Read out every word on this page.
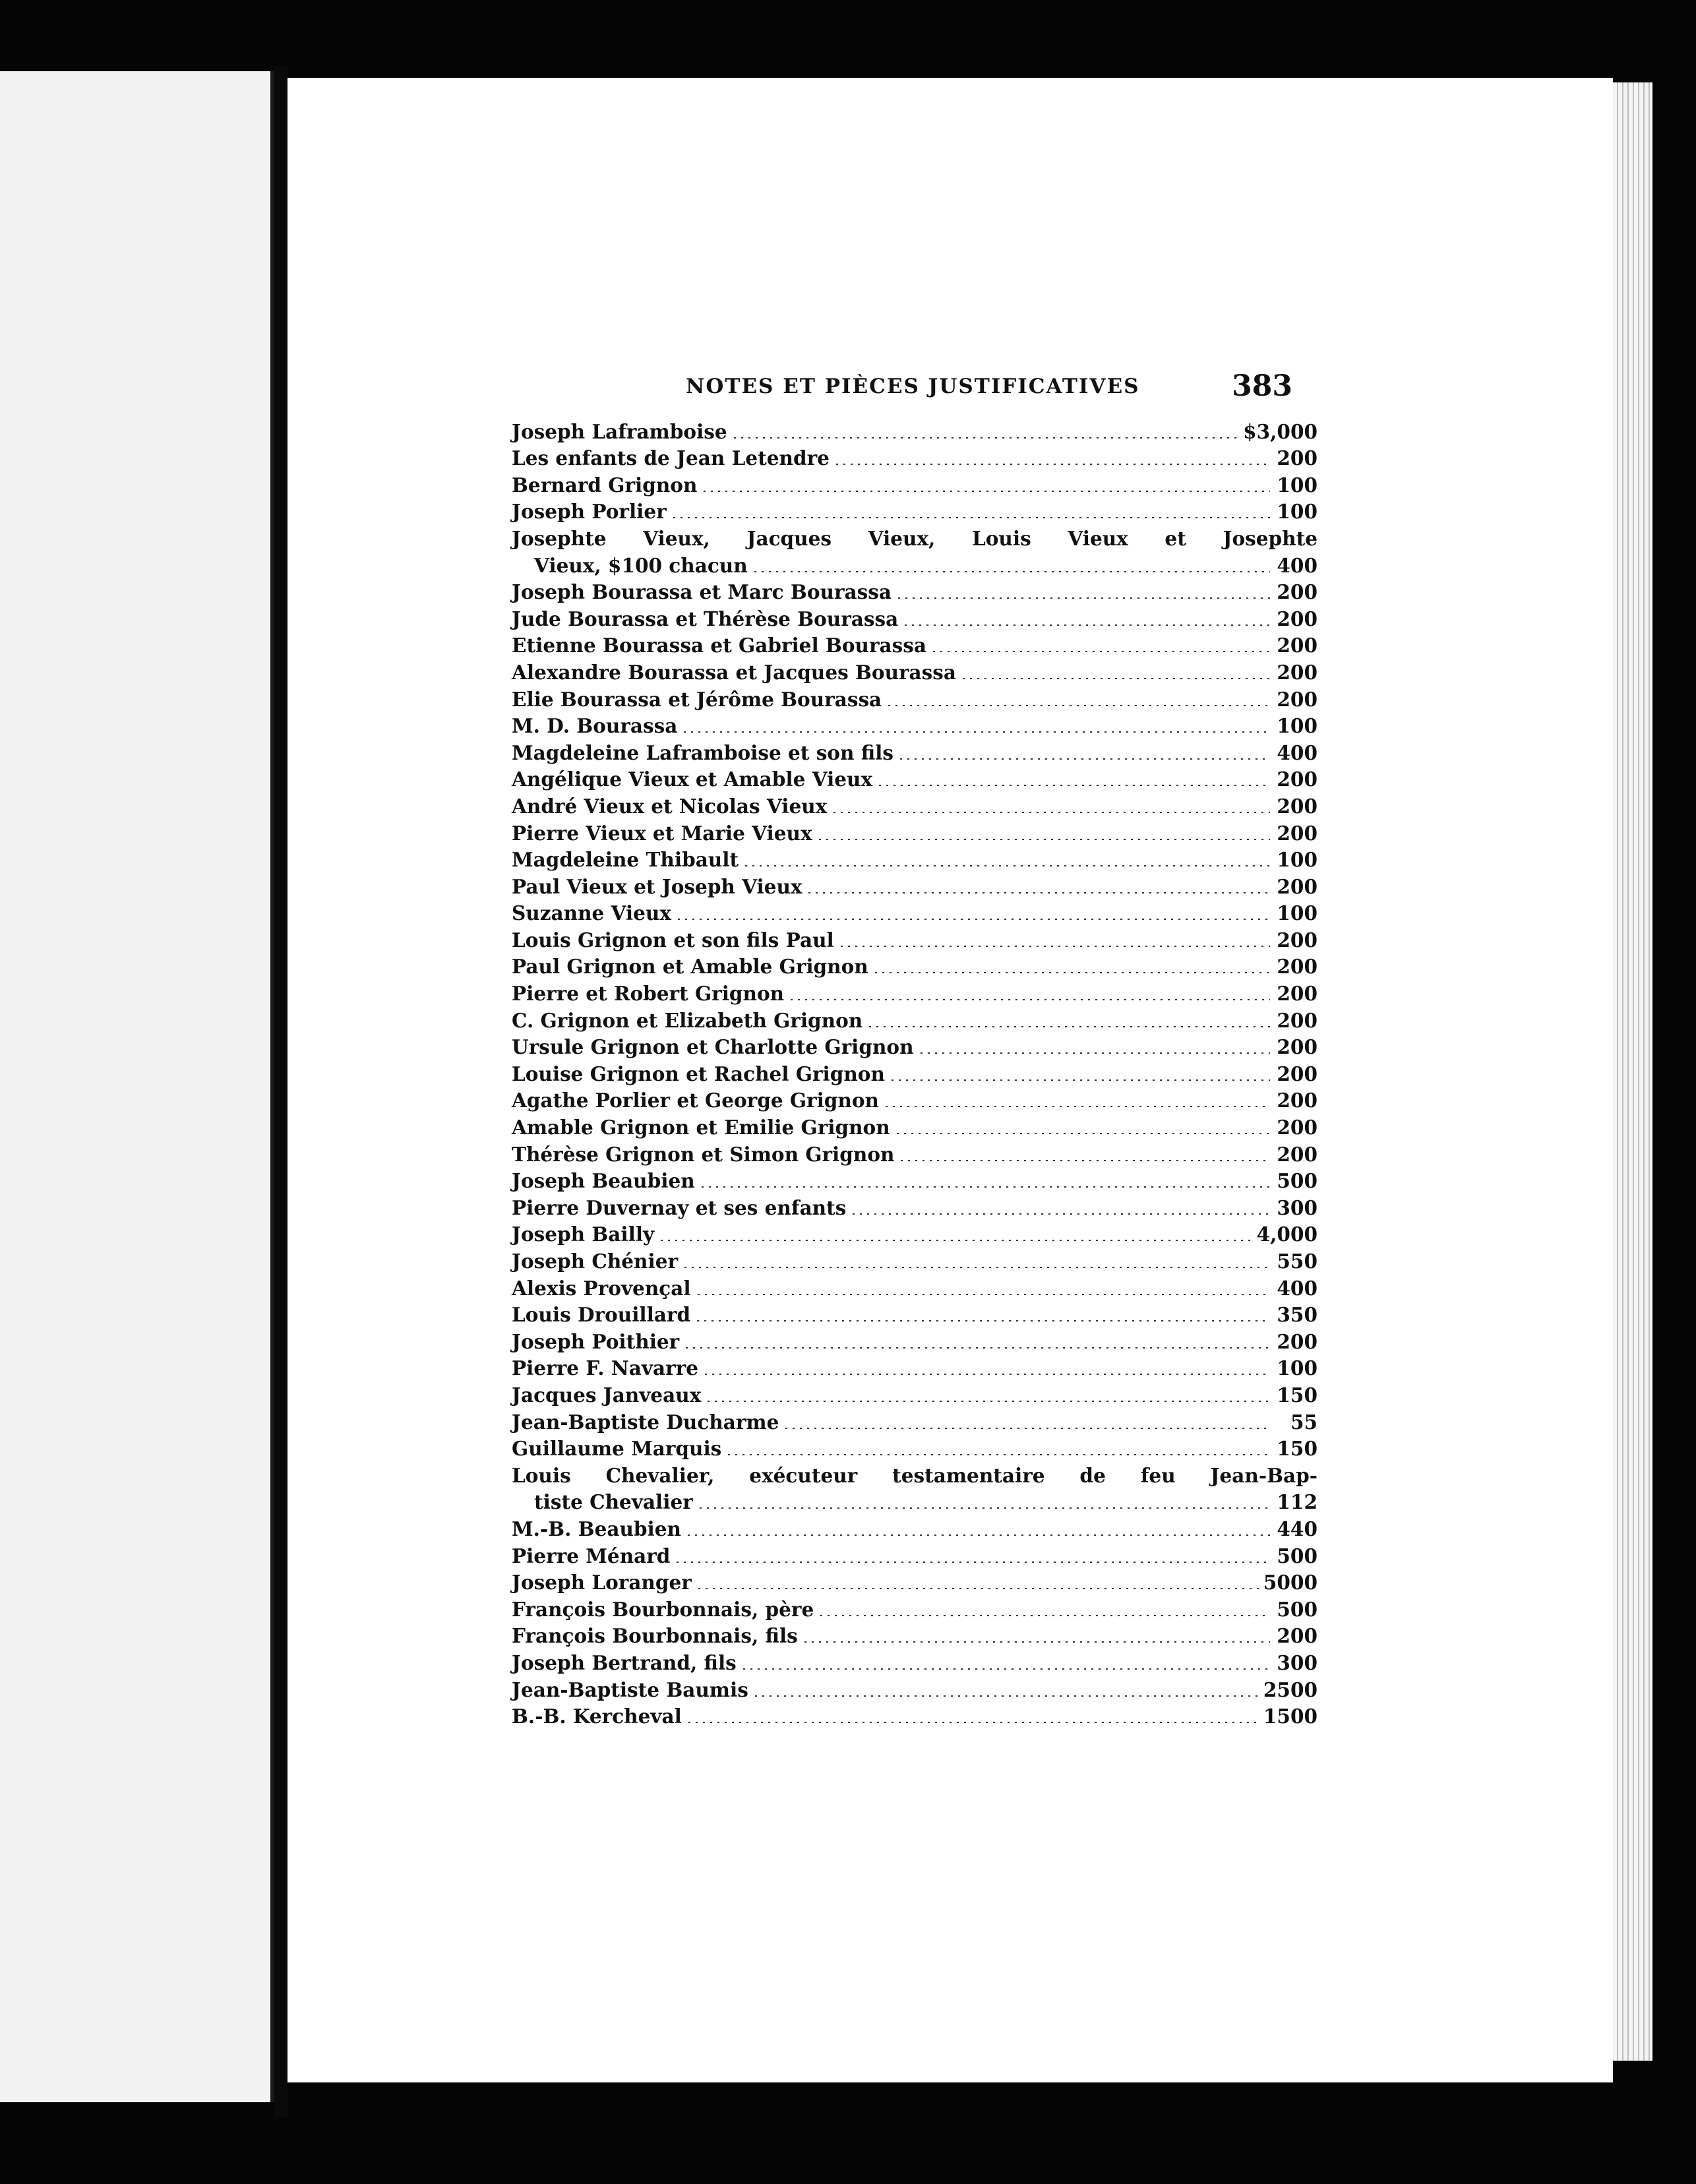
NOTES ET PIÈCES JUSTIFICATIVES	383
Joseph Laframboise	$3,000
Les enfants de Jean Letendre	200
Bernard Grignon	100
Joseph Porlier	100
Josephte Vieux, Jacques Vieux, Louis Vieux et Josephte
Vieux, $100 chacun	400
Joseph Bourassa et Marc Bourassa	200
Jude Bourassa et Thérèse Bourassa	200
Etienne Bourassa et Gabriel Bourassa	200
Alexandre Bourassa et Jacques Bourassa	200
Elie Bourassa et Jérôme Bourassa	200
M. D. Bourassa	100
Magdeleine Laframboise et son fils	400
Angélique Vieux et Amable Vieux	200
André Vieux et Nicolas Vieux	200
Pierre Vieux et Marie Vieux	200
Magdeleine Thibault	100
Paul Vieux et Joseph Vieux	200
Suzanne Vieux	100
Louis Grignon et son fils Paul	200
Paul Grignon et Amable Grignon	200
Pierre et Robert Grignon	200
C. Grignon et Elizabeth Grignon	200
Ursule Grignon et Charlotte Grignon	200
Louise Grignon et Rachel Grignon	200
Agathe Porlier et George Grignon	200
Amable Grignon et Emilie Grignon	200
Thérèse Grignon et Simon Grignon	200
Joseph Beaubien	500
Pierre Duvernay et ses enfants	300
Joseph Bailly	4,000
Joseph Chénier	550
Alexis Provençal	400
Louis Drouillard	350
Joseph Poithier	200
Pierre F. Navarre	100
Jacques Janveaux	150
Jean-Baptiste Ducharme	55
Guillaume Marquis	150
Louis Chevalier, exécuteur testamentaire de feu Jean-Bap-
tiste Chevalier	112
M.-B. Beaubien	440
Pierre Ménard	500
Joseph Loranger	5000
François Bourbonnais, père	500
François Bourbonnais, fils	200
Joseph Bertrand, fils	300
Jean-Baptiste Baumis	2500
B.-B. Kercheval	1500
